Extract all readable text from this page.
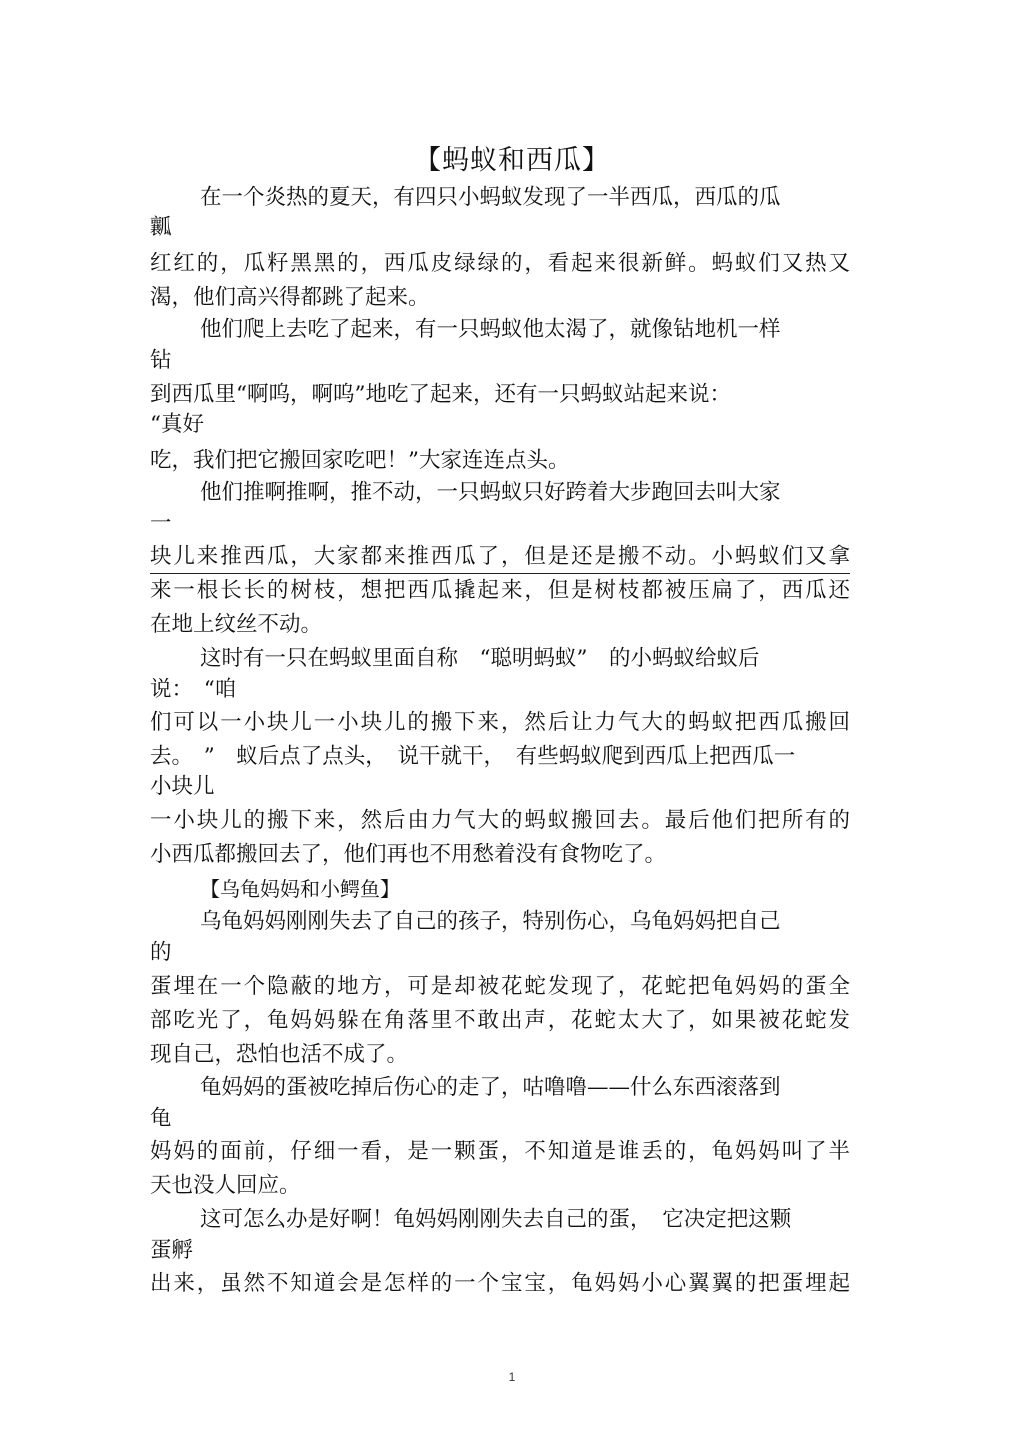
【蚂蚁和西瓜】
在一个炎热的夏天，有四只小蚂蚁发现了一半西瓜，西瓜的瓜
瓤
红红的，瓜籽黑黑的，西瓜皮绿绿的，看起来很新鲜。蚂蚁们又热又
渴，他们高兴得都跳了起来。
他们爬上去吃了起来，有一只蚂蚁他太渴了，就像钻地机一样
钻
到西瓜里“啊呜，啊呜”地吃了起来，还有一只蚂蚁站起来说：
“真好
吃，我们把它搬回家吃吧！”大家连连点头。
他们推啊推啊，推不动，一只蚂蚁只好跨着大步跑回去叫大家
一
块儿来推西瓜，大家都来推西瓜了，但是还是搬不动。小蚂蚁们又拿
来一根长长的树枝，想把西瓜撬起来，但是树枝都被压扁了，西瓜还
在地上纹丝不动。
这时有一只在蚂蚁里面自称　“聪明蚂蚁”　的小蚂蚁给蚁后
说：　“咱
们可以一小块儿一小块儿的搬下来，然后让力气大的蚂蚁把西瓜搬回
去。　”　蚁后点了点头，　说干就干，　有些蚂蚁爬到西瓜上把西瓜一
小块儿
一小块儿的搬下来，然后由力气大的蚂蚁搬回去。最后他们把所有的
小西瓜都搬回去了，他们再也不用愁着没有食物吃了。
【乌龟妈妈和小鳄鱼】
乌龟妈妈刚刚失去了自己的孩子，特别伤心，乌龟妈妈把自己
的
蛋埋在一个隐蔽的地方，可是却被花蛇发现了，花蛇把龟妈妈的蛋全
部吃光了，龟妈妈躲在角落里不敢出声，花蛇太大了，如果被花蛇发
现自己，恐怕也活不成了。
龟妈妈的蛋被吃掉后伤心的走了，咕噜噜——什么东西滚落到
龟
妈妈的面前，仔细一看，是一颗蛋，不知道是谁丢的，龟妈妈叫了半
天也没人回应。
这可怎么办是好啊！龟妈妈刚刚失去自己的蛋，　它决定把这颗
蛋孵
出来，虽然不知道会是怎样的一个宝宝，龟妈妈小心翼翼的把蛋埋起
1
